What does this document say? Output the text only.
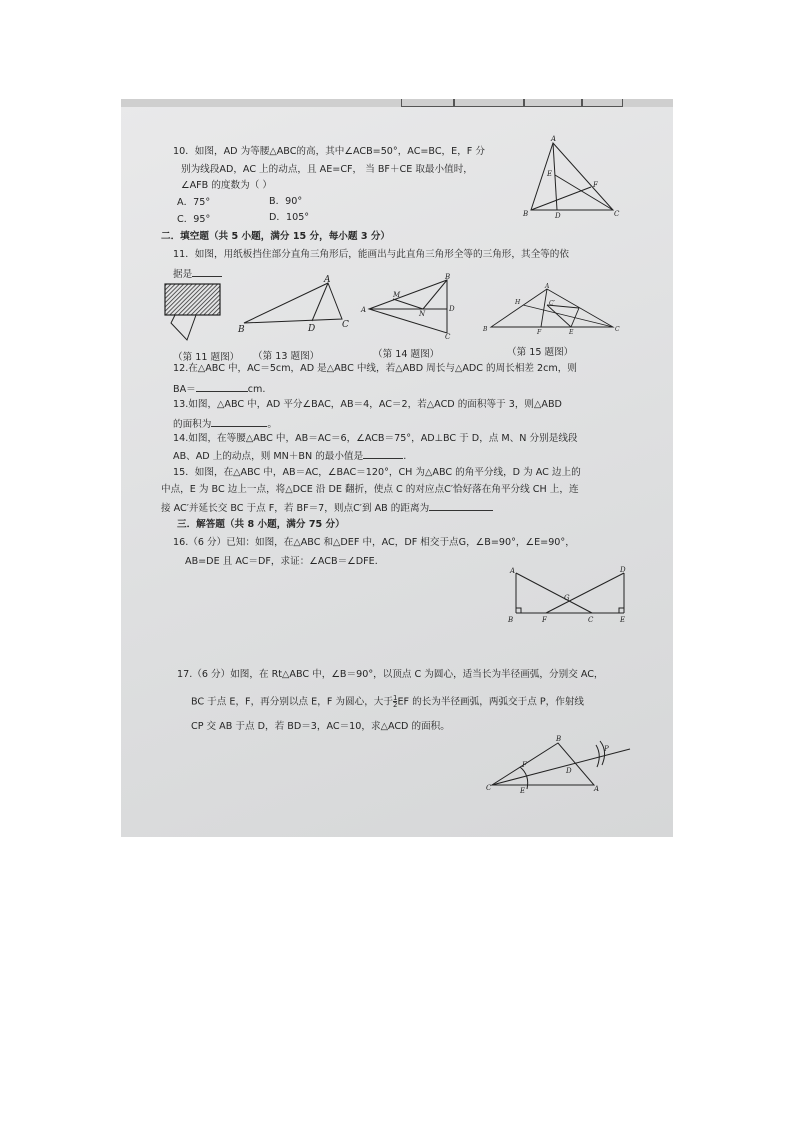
10．如图，AD 为等腰△ABC的高，其中∠ACB=50°，AC=BC，E，F 分
别为线段AD，AC 上的动点，且 AE=CF， 当 BF＋CE 取最小值时，
∠AFB 的度数为（ ）
A．75°	B．90°
C．95°	D．105°
A
E
F
B	D	C
二．填空题（共 5 小题，满分 15 分，每小题 3 分）
11．如图，用纸板挡住部分直角三角形后，能画出与此直角三角形全等的三角形，其全等的依
据是	A
B	D	C
B
M
A	D
N
C
A
H	C′
B	F	E	C
（第 11 题图） （第 13 题图）	（第 14 题图）	（第 15 题图）
12.在△ABC 中，AC＝5cm，AD 是△ABC 中线，若△ABD 周长与△ADC 的周长相差 2cm，则
BA＝	cm.
13.如图，△ABC 中，AD 平分∠BAC，AB＝4，AC＝2，若△ACD 的面积等于 3，则△ABD
的面积为	。
14.如图，在等腰△ABC 中，AB＝AC＝6，∠ACB＝75°，AD⊥BC 于 D，点 M、N 分别是线段
AB、AD 上的动点，则 MN＋BN 的最小值是	.
15．如图，在△ABC 中，AB＝AC，∠BAC＝120°，CH 为△ABC 的角平分线，D 为 AC 边上的
中点，E 为 BC 边上一点，将△DCE 沿 DE 翻折，使点 C 的对应点C′恰好落在角平分线 CH 上，连
接 AC′并延长交 BC 于点 F，若 BF＝7，则点C′到 AB 的距离为
三．解答题（共 8 小题，满分 75 分）
16.（6 分）已知：如图，在△ABC 和△DEF 中，AC，DF 相交于点G，∠B=90°，∠E=90°，
AB=DE 且 AC＝DF，求证：∠ACB＝∠DFE．
A	D
G
B	F	C	E
17.（6 分）如图，在 Rt△ABC 中，∠B＝90°，以顶点 C 为圆心，适当长为半径画弧，分别交 AC，
BC 于点 E，F，再分别以点 E，F 为圆心，大于 $\frac{1}{2}$ EF 的长为半径画弧，两弧交于点 P，作射线
CP 交 AB 于点 D，若 BD＝3，AC＝10，求△ACD 的面积。
B
P
F
D
C	E	A
